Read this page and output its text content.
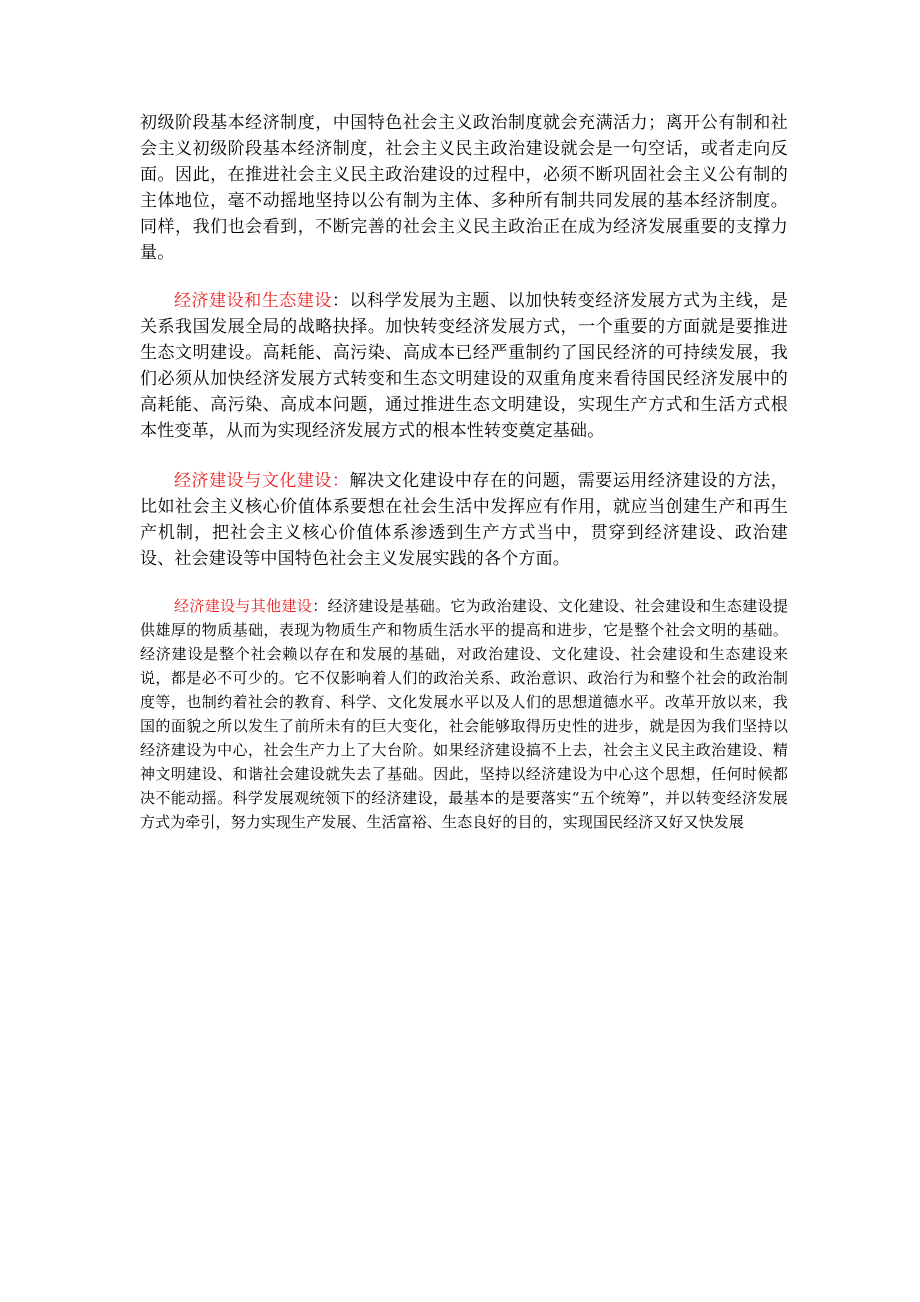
初级阶段基本经济制度，中国特色社会主义政治制度就会充满活力；离开公有制和社会主义初级阶段基本经济制度，社会主义民主政治建设就会是一句空话，或者走向反面。因此，在推进社会主义民主政治建设的过程中，必须不断巩固社会主义公有制的主体地位，毫不动摇地坚持以公有制为主体、多种所有制共同发展的基本经济制度。同样，我们也会看到，不断完善的社会主义民主政治正在成为经济发展重要的支撑力量。

经济建设和生态建设：以科学发展为主题、以加快转变经济发展方式为主线，是关系我国发展全局的战略抉择。加快转变经济发展方式，一个重要的方面就是要推进生态文明建设。高耗能、高污染、高成本已经严重制约了国民经济的可持续发展，我们必须从加快经济发展方式转变和生态文明建设的双重角度来看待国民经济发展中的高耗能、高污染、高成本问题，通过推进生态文明建设，实现生产方式和生活方式根本性变革，从而为实现经济发展方式的根本性转变奠定基础。

经济建设与文化建设：解决文化建设中存在的问题，需要运用经济建设的方法，比如社会主义核心价值体系要想在社会生活中发挥应有作用，就应当创建生产和再生产机制，把社会主义核心价值体系渗透到生产方式当中，贯穿到经济建设、政治建设、社会建设等中国特色社会主义发展实践的各个方面。

经济建设与其他建设：经济建设是基础。它为政治建设、文化建设、社会建设和生态建设提供雄厚的物质基础，表现为物质生产和物质生活水平的提高和进步，它是整个社会文明的基础。经济建设是整个社会赖以存在和发展的基础，对政治建设、文化建设、社会建设和生态建设来说，都是必不可少的。它不仅影响着人们的政治关系、政治意识、政治行为和整个社会的政治制度等，也制约着社会的教育、科学、文化发展水平以及人们的思想道德水平。改革开放以来，我国的面貌之所以发生了前所未有的巨大变化，社会能够取得历史性的进步，就是因为我们坚持以经济建设为中心，社会生产力上了大台阶。如果经济建设搞不上去，社会主义民主政治建设、精神文明建设、和谐社会建设就失去了基础。因此，坚持以经济建设为中心这个思想，任何时候都决不能动摇。科学发展观统领下的经济建设，最基本的是要落实“五个统筹”，并以转变经济发展方式为牵引，努力实现生产发展、生活富裕、生态良好的目的，实现国民经济又好又快发展
